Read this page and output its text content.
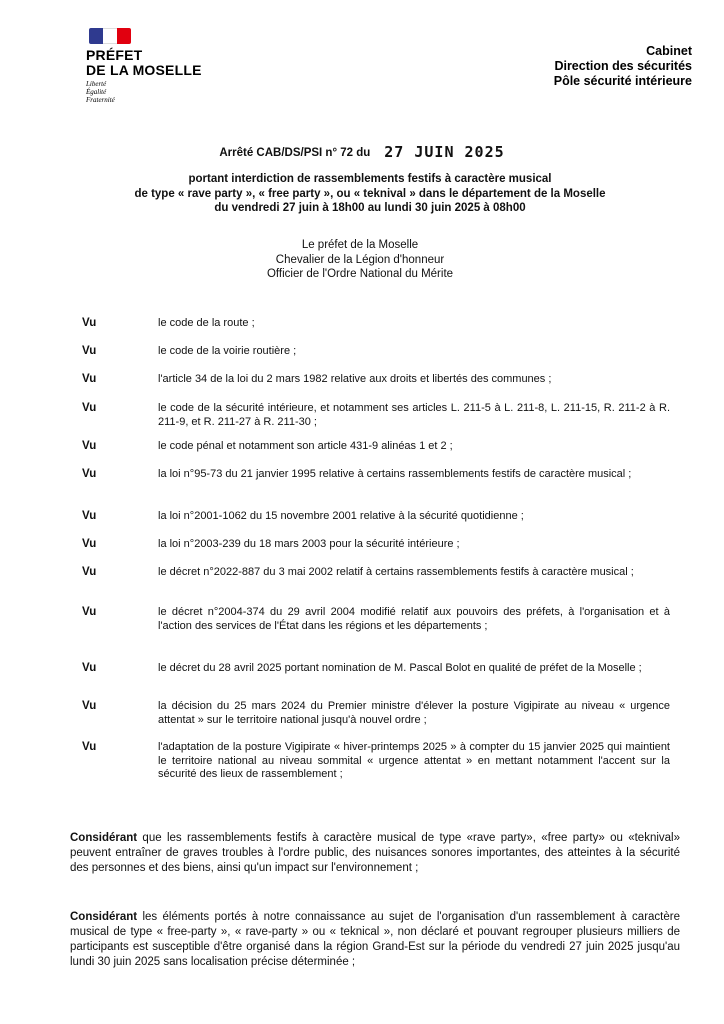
PRÉFET
DE LA MOSELLE
Liberté
Égalité
Fraternité
Cabinet
Direction des sécurités
Pôle sécurité intérieure
Arrêté CAB/DS/PSI n° 72 du 27 JUIN 2025
portant interdiction de rassemblements festifs à caractère musical
de type « rave party », « free party », ou « teknival » dans le département de la Moselle
du vendredi 27 juin à 18h00 au lundi 30 juin 2025 à 08h00
Le préfet de la Moselle
Chevalier de la Légion d'honneur
Officier de l'Ordre National du Mérite
Vu	le code de la route ;
Vu	le code de la voirie routière ;
Vu	l'article 34 de la loi du 2 mars 1982 relative aux droits et libertés des communes ;
Vu	le code de la sécurité intérieure, et notamment ses articles L. 211-5 à L. 211-8, L. 211-15, R. 211-2 à R. 211-9, et R. 211-27 à R. 211-30 ;
Vu	le code pénal et notamment son article 431-9 alinéas 1 et 2 ;
Vu	la loi n°95-73 du 21 janvier 1995 relative à certains rassemblements festifs de caractère musical ;
Vu	la loi n°2001-1062 du 15 novembre 2001 relative à la sécurité quotidienne ;
Vu	la loi n°2003-239 du 18 mars 2003 pour la sécurité intérieure ;
Vu	le décret n°2022-887 du 3 mai 2002 relatif à certains rassemblements festifs à caractère musical ;
Vu	le décret n°2004-374 du 29 avril 2004 modifié relatif aux pouvoirs des préfets, à l'organisation et à l'action des services de l'État dans les régions et les départements ;
Vu	le décret du 28 avril 2025 portant nomination de M. Pascal Bolot en qualité de préfet de la Moselle ;
Vu	la décision du 25 mars 2024 du Premier ministre d'élever la posture Vigipirate au niveau « urgence attentat » sur le territoire national jusqu'à nouvel ordre ;
Vu	l'adaptation de la posture Vigipirate « hiver-printemps 2025 » à compter du 15 janvier 2025 qui maintient le territoire national au niveau sommital « urgence attentat » en mettant notamment l'accent sur la sécurité des lieux de rassemblement ;
Considérant que les rassemblements festifs à caractère musical de type «rave party», «free party» ou «teknival» peuvent entraîner de graves troubles à l'ordre public, des nuisances sonores importantes, des atteintes à la sécurité des personnes et des biens, ainsi qu'un impact sur l'environnement ;
Considérant les éléments portés à notre connaissance au sujet de l'organisation d'un rassemblement à caractère musical de type « free-party », « rave-party » ou « teknical », non déclaré et pouvant regrouper plusieurs milliers de participants est susceptible d'être organisé dans la région Grand-Est sur la période du vendredi 27 juin 2025 jusqu'au lundi 30 juin 2025 sans localisation précise déterminée ;
